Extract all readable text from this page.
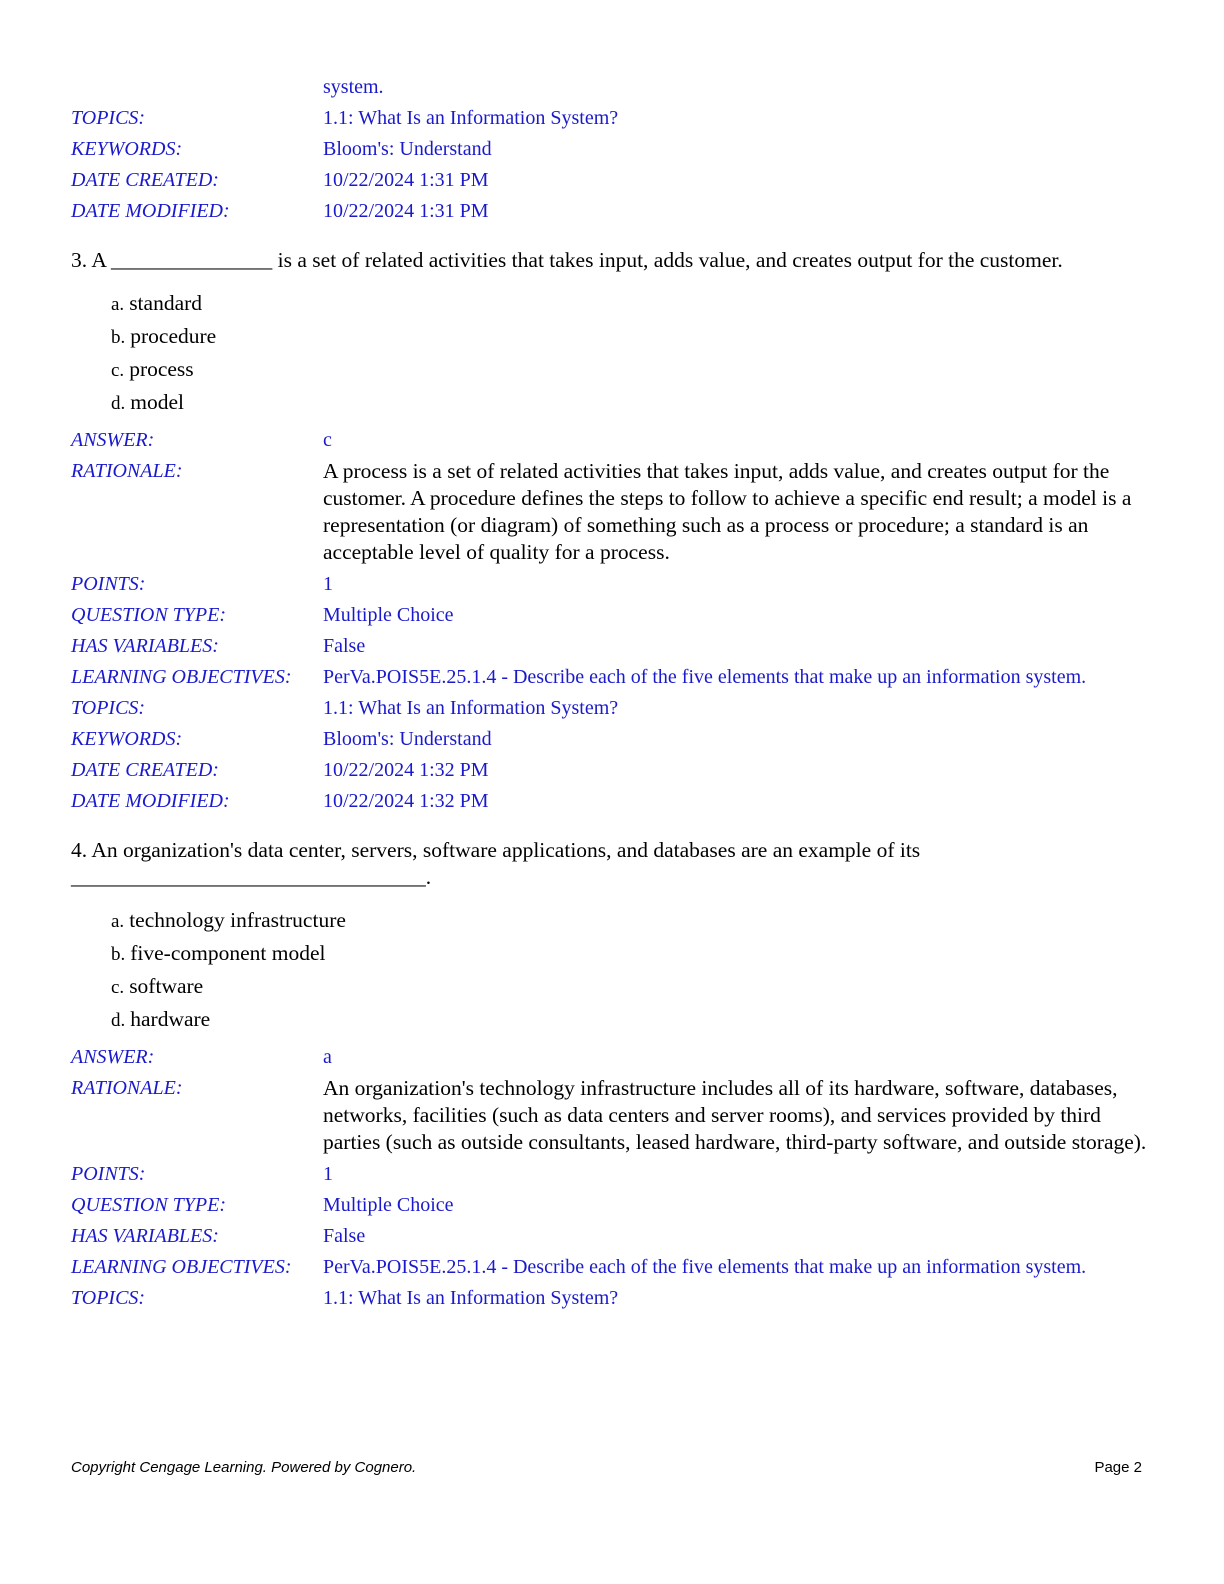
system.
TOPICS:	1.1: What Is an Information System?
KEYWORDS:	Bloom's: Understand
DATE CREATED:	10/22/2024 1:31 PM
DATE MODIFIED:	10/22/2024 1:31 PM
3. A _______________ is a set of related activities that takes input, adds value, and creates output for the customer.
a. standard
b. procedure
c. process
d. model
ANSWER:	c
RATIONALE:	A process is a set of related activities that takes input, adds value, and creates output for the customer. A procedure defines the steps to follow to achieve a specific end result; a model is a representation (or diagram) of something such as a process or procedure; a standard is an acceptable level of quality for a process.
POINTS:	1
QUESTION TYPE:	Multiple Choice
HAS VARIABLES:	False
LEARNING OBJECTIVES:	PerVa.POIS5E.25.1.4 - Describe each of the five elements that make up an information system.
TOPICS:	1.1: What Is an Information System?
KEYWORDS:	Bloom's: Understand
DATE CREATED:	10/22/2024 1:32 PM
DATE MODIFIED:	10/22/2024 1:32 PM
4. An organization's data center, servers, software applications, and databases are an example of its _________________________________.
a. technology infrastructure
b. five-component model
c. software
d. hardware
ANSWER:	a
RATIONALE:	An organization's technology infrastructure includes all of its hardware, software, databases, networks, facilities (such as data centers and server rooms), and services provided by third parties (such as outside consultants, leased hardware, third-party software, and outside storage).
POINTS:	1
QUESTION TYPE:	Multiple Choice
HAS VARIABLES:	False
LEARNING OBJECTIVES:	PerVa.POIS5E.25.1.4 - Describe each of the five elements that make up an information system.
TOPICS:	1.1: What Is an Information System?
Copyright Cengage Learning. Powered by Cognero.	Page 2
